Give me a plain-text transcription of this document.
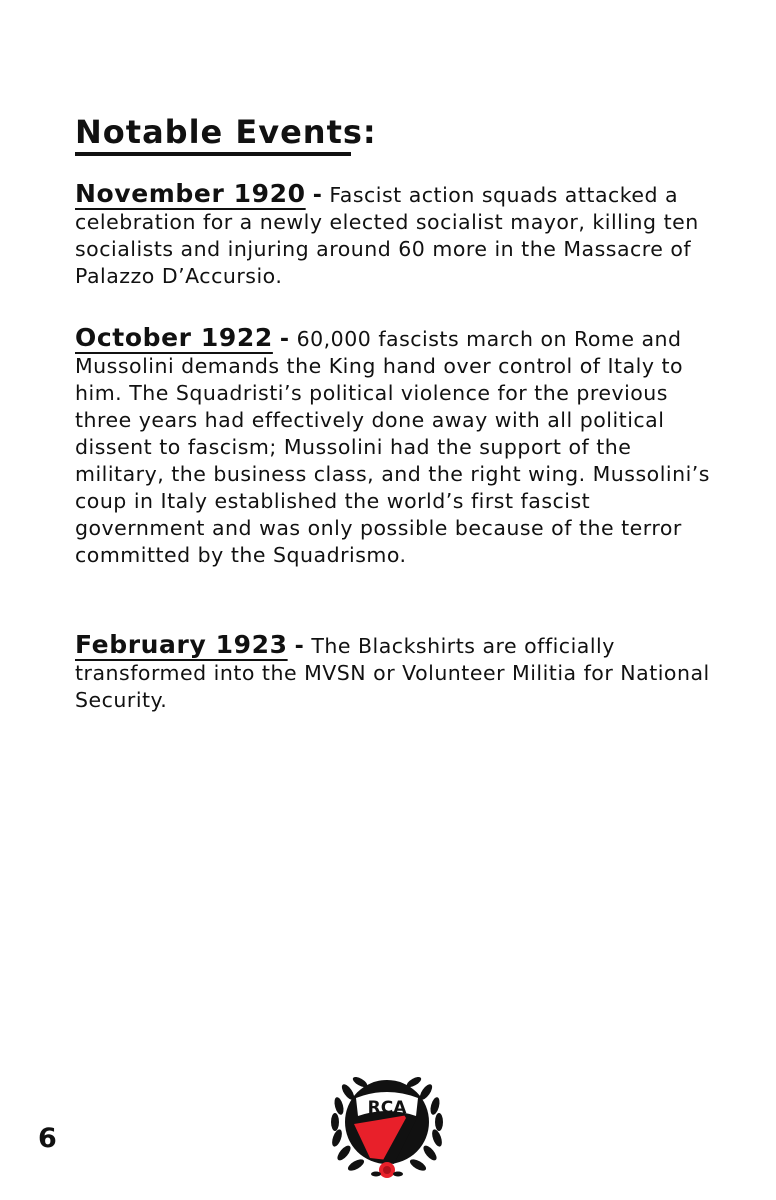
Notable Events:

November 1920 - Fascist action squads attacked a celebration for a newly elected socialist mayor, killing ten socialists and injuring around 60 more in the Massacre of Palazzo D’Accursio.

October 1922 - 60,000 fascists march on Rome and Mussolini demands the King hand over control of Italy to him. The Squadristi’s political violence for the previous three years had effectively done away with all political dissent to fascism; Mussolini had the support of the military, the business class, and the right wing. Mussolini’s coup in Italy established the world’s first fascist government and was only possible because of the terror committed by the Squadrismo.

February 1923 - The Blackshirts are officially transformed into the MVSN or Volunteer Militia for National Security.

6
RCA
